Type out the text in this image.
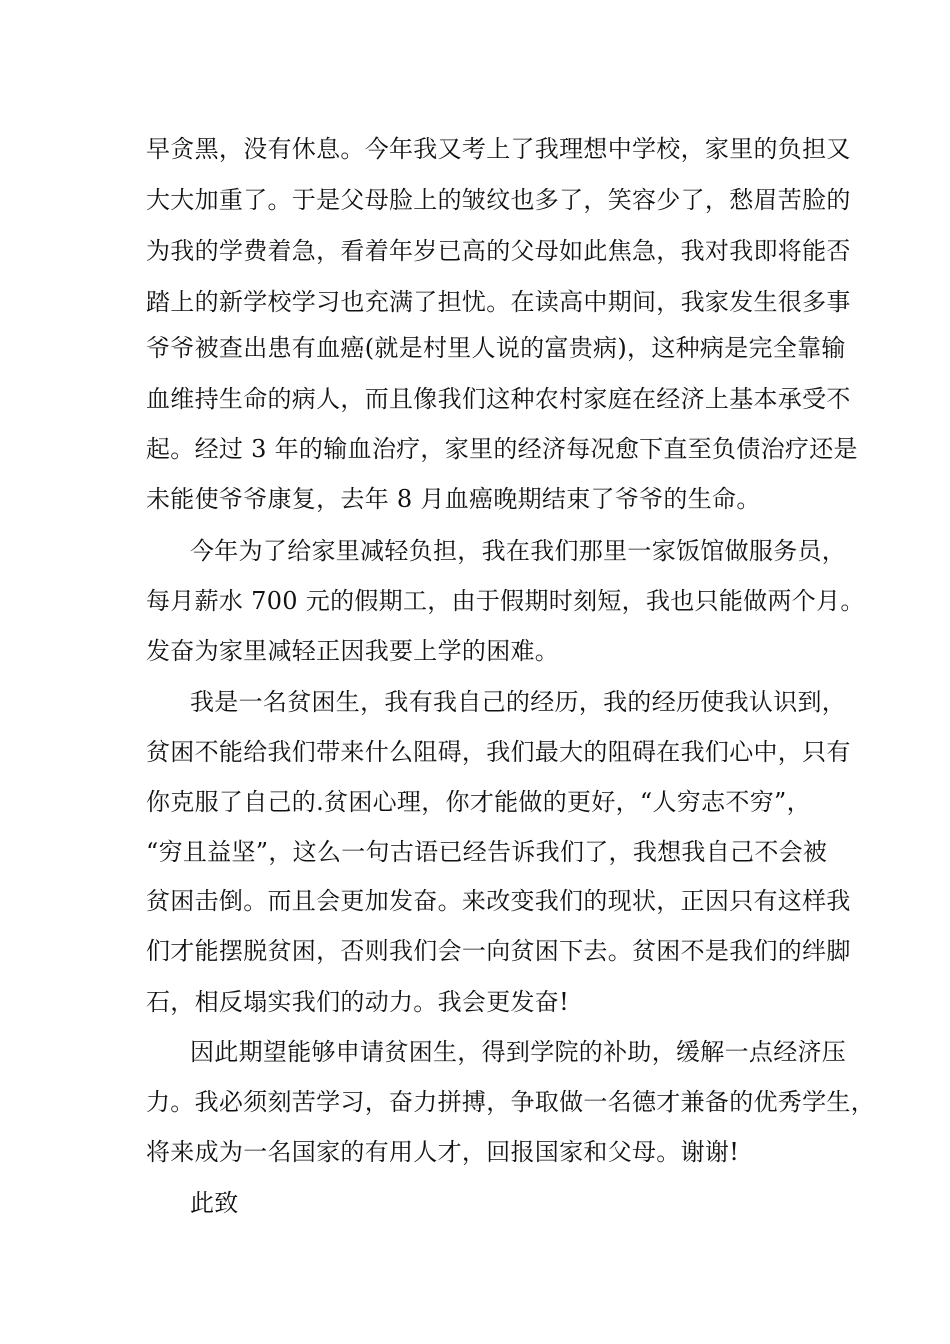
早贪黑，没有休息。今年我又考上了我理想中学校，家里的负担又
大大加重了。于是父母脸上的皱纹也多了，笑容少了，愁眉苦脸的
为我的学费着急，看着年岁已高的父母如此焦急，我对我即将能否
踏上的新学校学习也充满了担忧。在读高中期间，我家发生很多事
爷爷被查出患有血癌(就是村里人说的富贵病)，这种病是完全靠输
血维持生命的病人，而且像我们这种农村家庭在经济上基本承受不
起。经过 3 年的输血治疗，家里的经济每况愈下直至负债治疗还是
未能使爷爷康复，去年 8 月血癌晚期结束了爷爷的生命。
今年为了给家里减轻负担，我在我们那里一家饭馆做服务员，
每月薪水 700 元的假期工，由于假期时刻短，我也只能做两个月。
发奋为家里减轻正因我要上学的困难。
我是一名贫困生，我有我自己的经历，我的经历使我认识到，
贫困不能给我们带来什么阻碍，我们最大的阻碍在我们心中，只有
你克服了自己的.贫困心理，你才能做的更好，“人穷志不穷”，
“穷且益坚”，这么一句古语已经告诉我们了，我想我自己不会被
贫困击倒。而且会更加发奋。来改变我们的现状，正因只有这样我
们才能摆脱贫困，否则我们会一向贫困下去。贫困不是我们的绊脚
石，相反塌实我们的动力。我会更发奋!
因此期望能够申请贫困生，得到学院的补助，缓解一点经济压
力。我必须刻苦学习，奋力拼搏，争取做一名德才兼备的优秀学生，
将来成为一名国家的有用人才，回报国家和父母。谢谢!
此致
